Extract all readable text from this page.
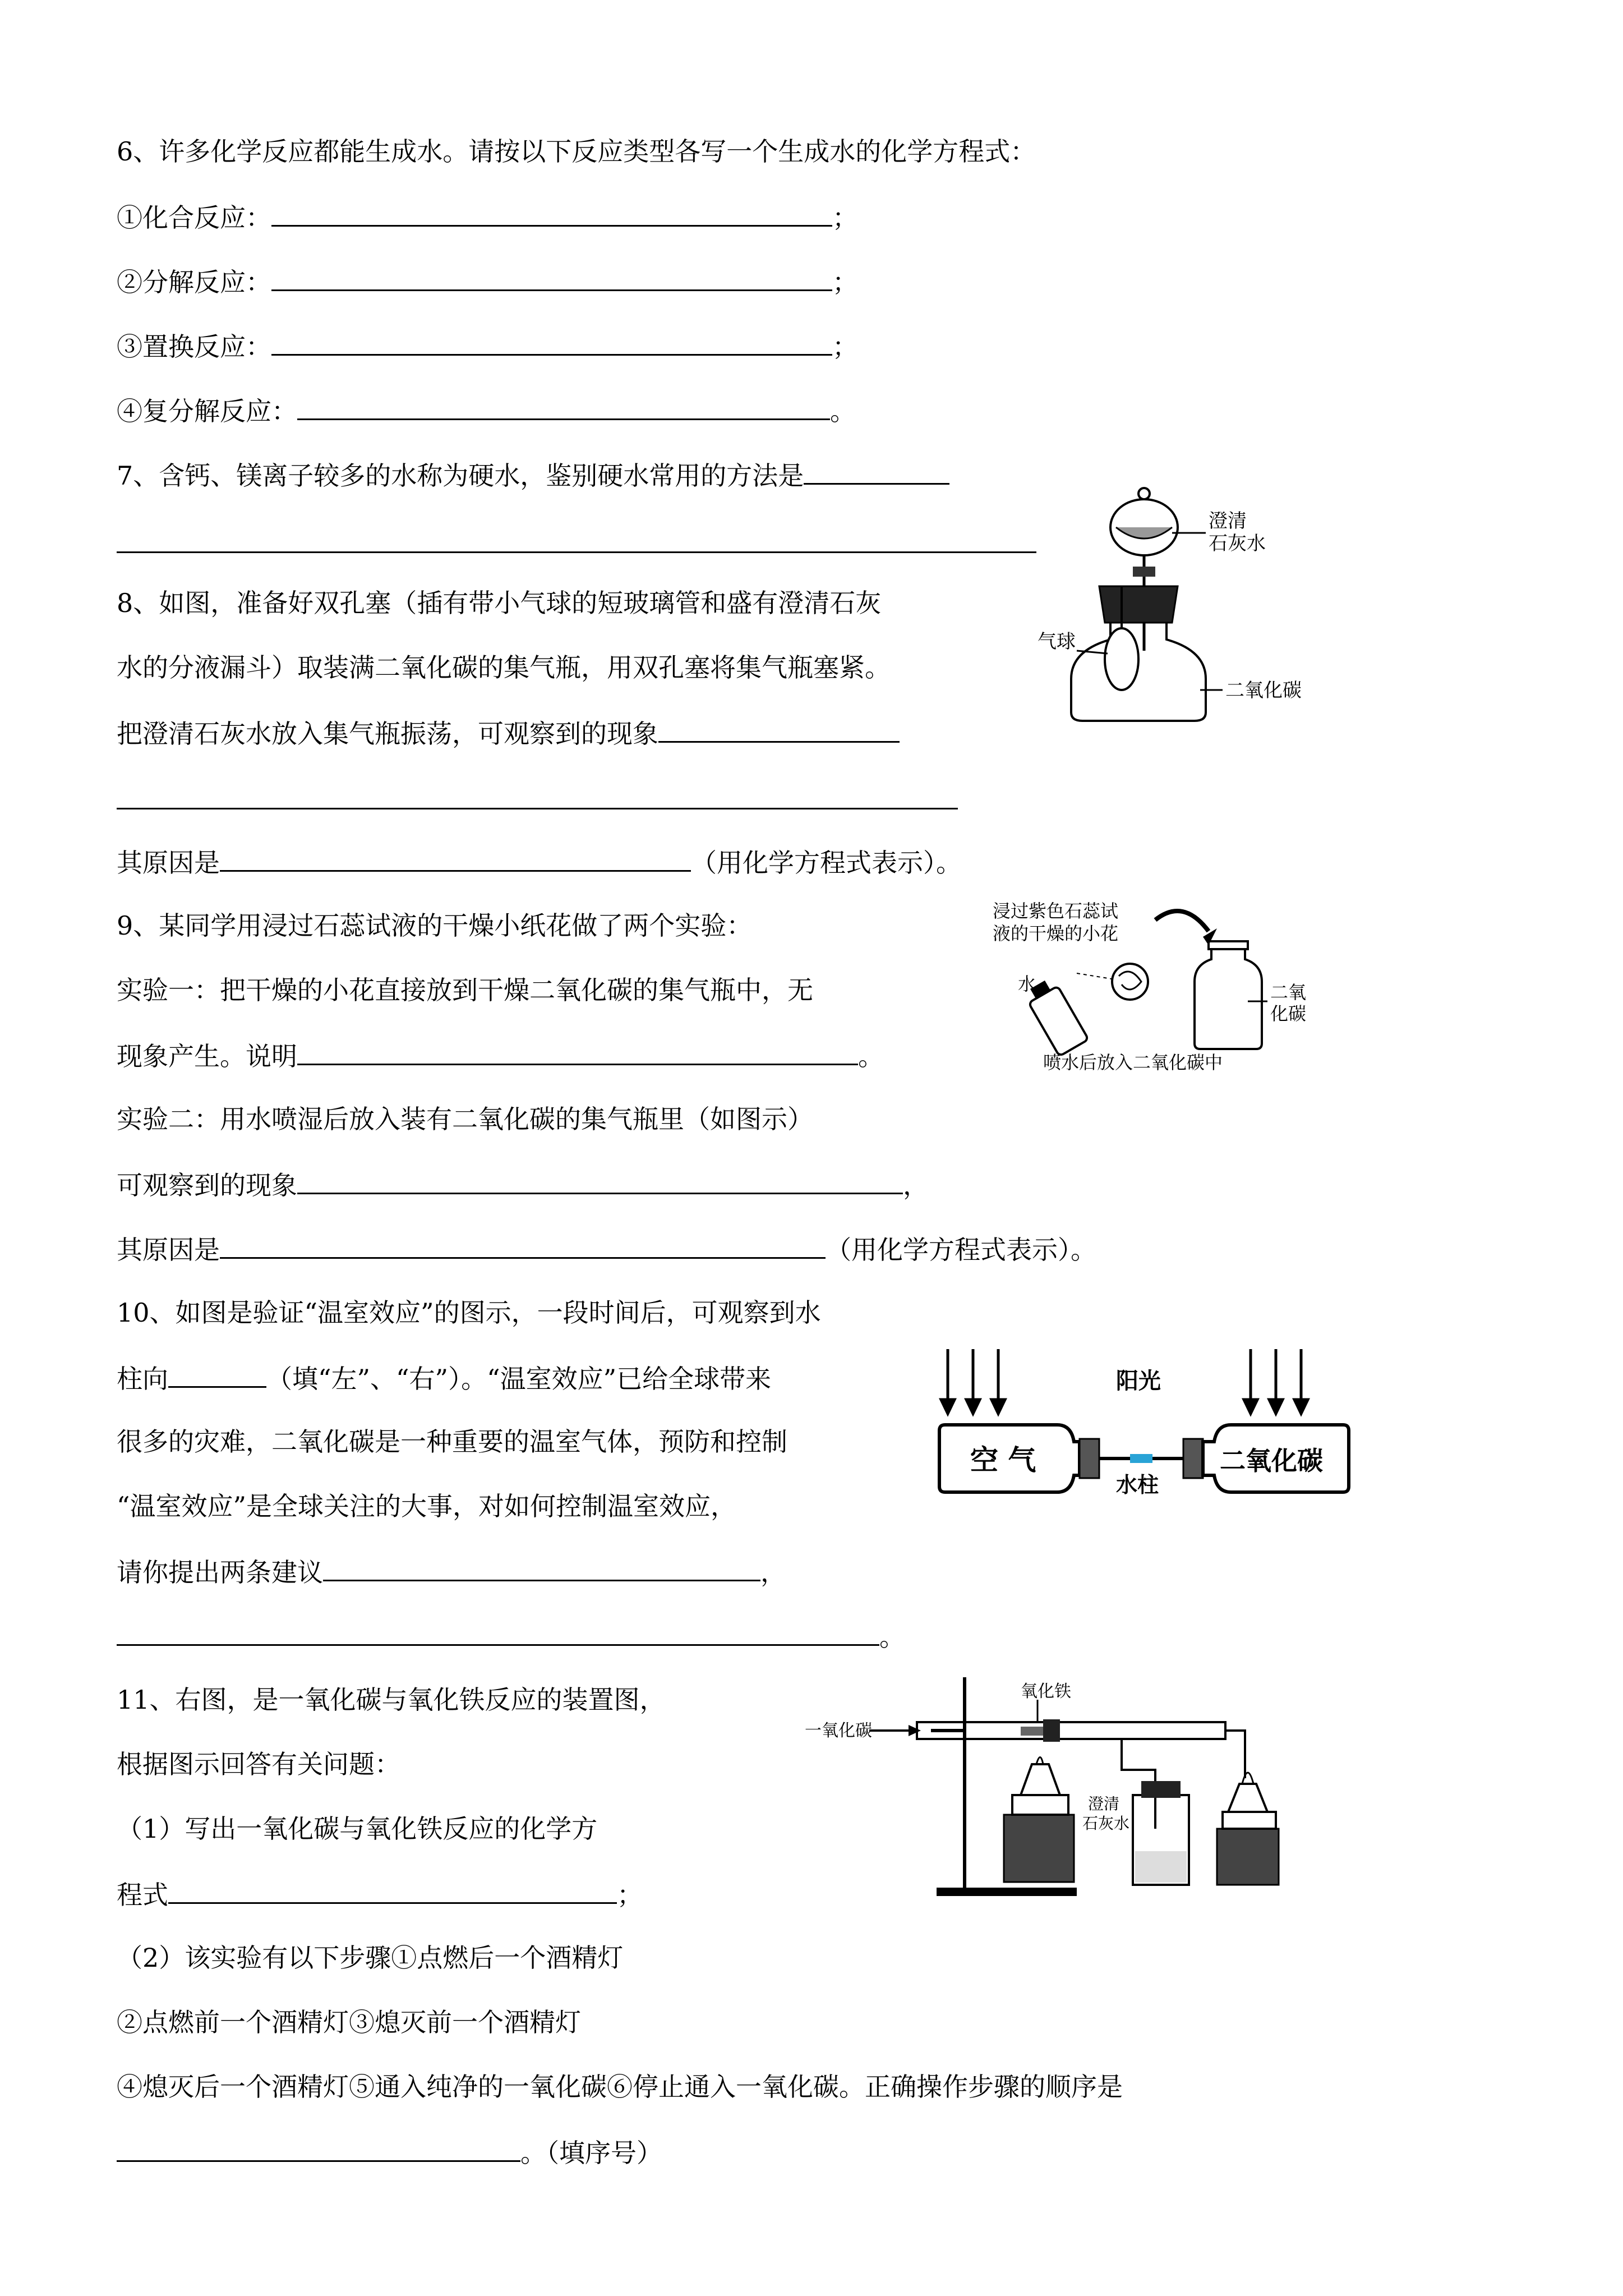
6、许多化学反应都能生成水。请按以下反应类型各写一个生成水的化学方程式：
①化合反应：	；
②分解反应：	；
③置换反应：	；
④复分解反应：	。
7、含钙、镁离子较多的水称为硬水，鉴别硬水常用的方法是
8、如图，准备好双孔塞（插有带小气球的短玻璃管和盛有澄清石灰
水的分液漏斗）取装满二氧化碳的集气瓶，用双孔塞将集气瓶塞紧。
把澄清石灰水放入集气瓶振荡，可观察到的现象
其原因是	（用化学方程式表示）。
澄清
石灰水
气球
二氧化碳
9、某同学用浸过石蕊试液的干燥小纸花做了两个实验：
实验一：把干燥的小花直接放到干燥二氧化碳的集气瓶中，无
现象产生。说明	。
实验二：用水喷湿后放入装有二氧化碳的集气瓶里（如图示）
可观察到的现象	，
其原因是	（用化学方程式表示）。
浸过紫色石蕊试
液的干燥的小花
水	二氧
化碳
喷水后放入二氧化碳中
10、如图是验证“温室效应”的图示，一段时间后，可观察到水
柱向	（填“左”、“右”）。“温室效应”已给全球带来
很多的灾难，二氧化碳是一种重要的温室气体，预防和控制
“温室效应”是全球关注的大事，对如何控制温室效应，
请你提出两条建议	，
。
阳光
空 气
水柱
二氧化碳
11、右图，是一氧化碳与氧化铁反应的装置图，
根据图示回答有关问题：
（1）写出一氧化碳与氧化铁反应的化学方
程式	；
（2）该实验有以下步骤①点燃后一个酒精灯
②点燃前一个酒精灯③熄灭前一个酒精灯
④熄灭后一个酒精灯⑤通入纯净的一氧化碳⑥停止通入一氧化碳。正确操作步骤的顺序是
。（填序号）
一氧化碳
氧化铁
澄清
石灰水
